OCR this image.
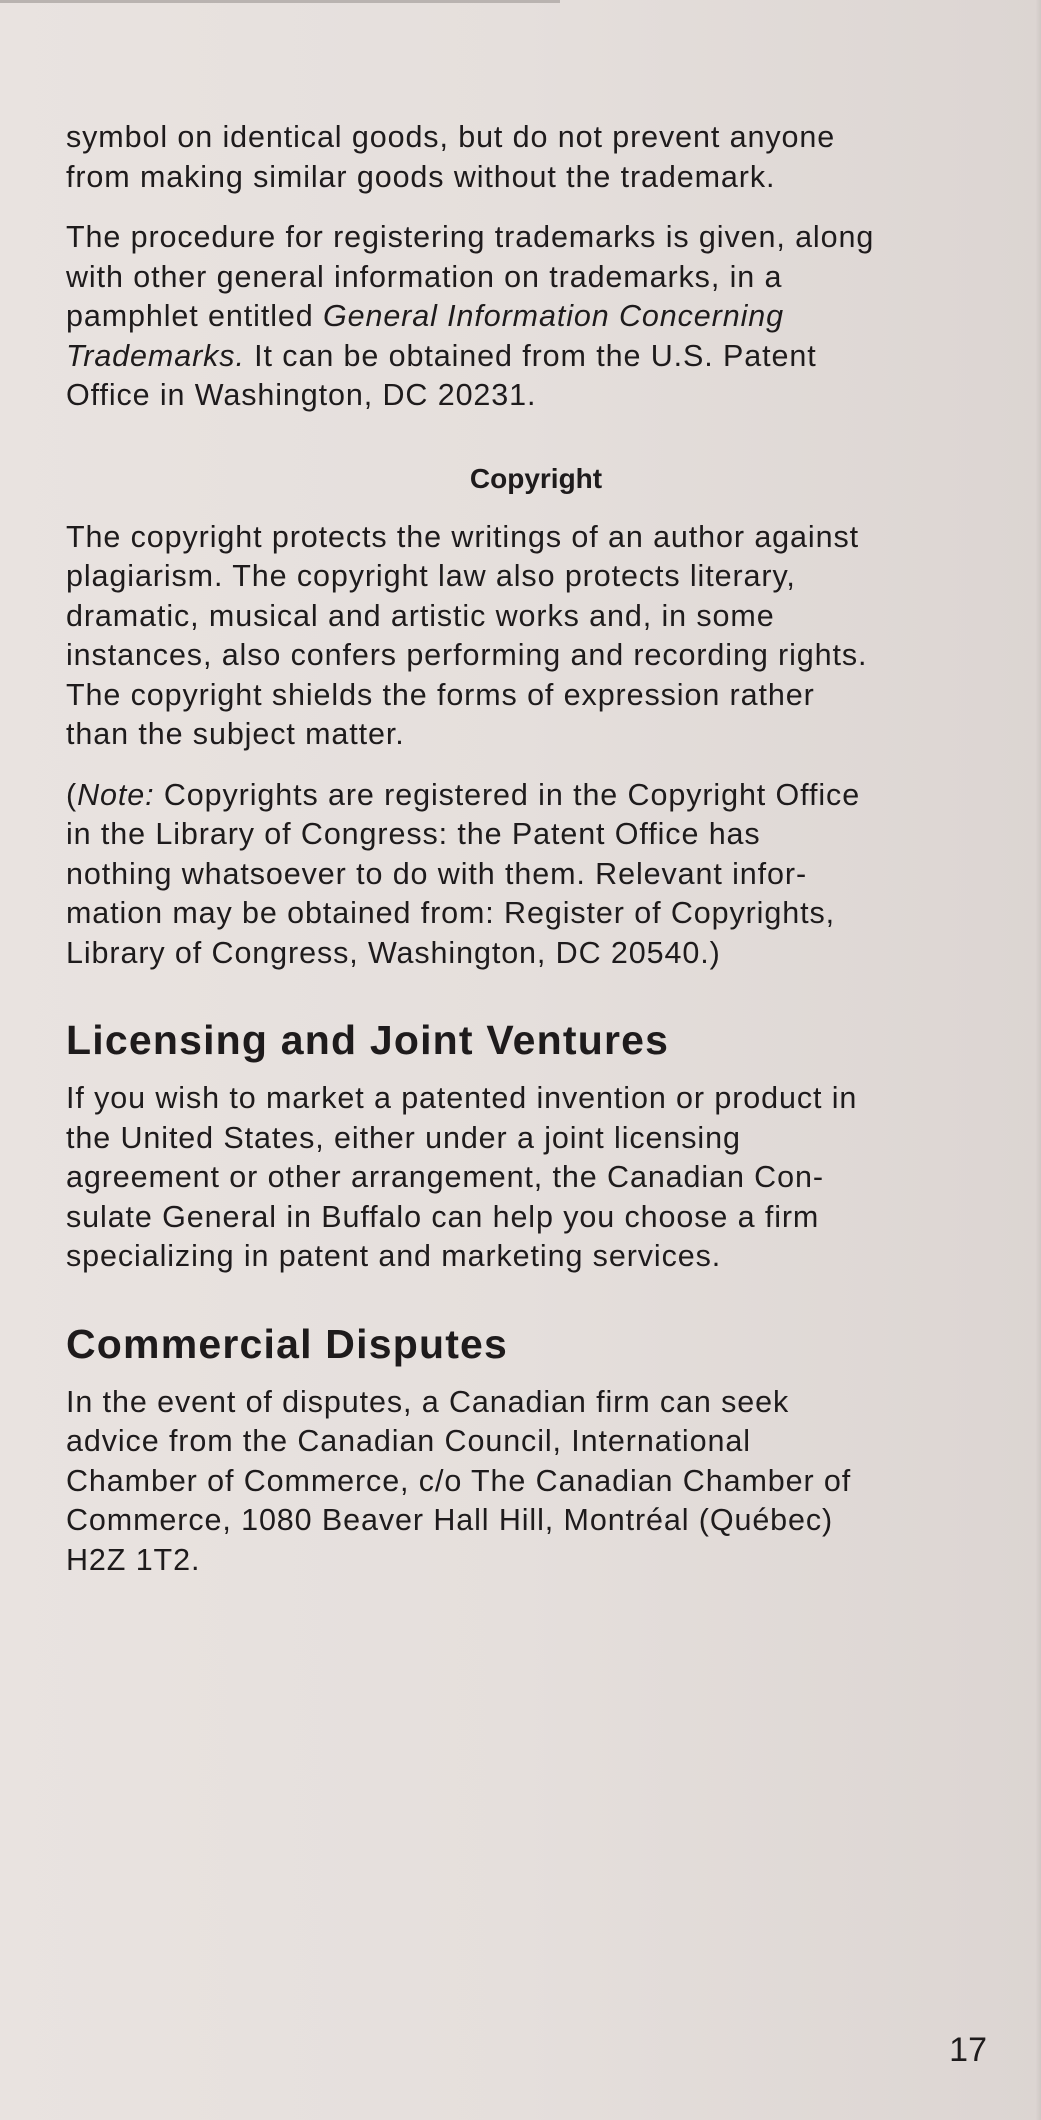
symbol on identical goods, but do not prevent anyone
from making similar goods without the trademark.

The procedure for registering trademarks is given, along
with other general information on trademarks, in a
pamphlet entitled General Information Concerning
Trademarks. It can be obtained from the U.S. Patent
Office in Washington, DC 20231.

Copyright

The copyright protects the writings of an author against
plagiarism. The copyright law also protects literary,
dramatic, musical and artistic works and, in some
instances, also confers performing and recording rights.
The copyright shields the forms of expression rather
than the subject matter.

(Note: Copyrights are registered in the Copyright Office
in the Library of Congress: the Patent Office has
nothing whatsoever to do with them. Relevant infor-
mation may be obtained from: Register of Copyrights,
Library of Congress, Washington, DC 20540.)

Licensing and Joint Ventures

If you wish to market a patented invention or product in
the United States, either under a joint licensing
agreement or other arrangement, the Canadian Con-
sulate General in Buffalo can help you choose a firm
specializing in patent and marketing services.

Commercial Disputes

In the event of disputes, a Canadian firm can seek
advice from the Canadian Council, International
Chamber of Commerce, c/o The Canadian Chamber of
Commerce, 1080 Beaver Hall Hill, Montréal (Québec)
H2Z 1T2.

17
